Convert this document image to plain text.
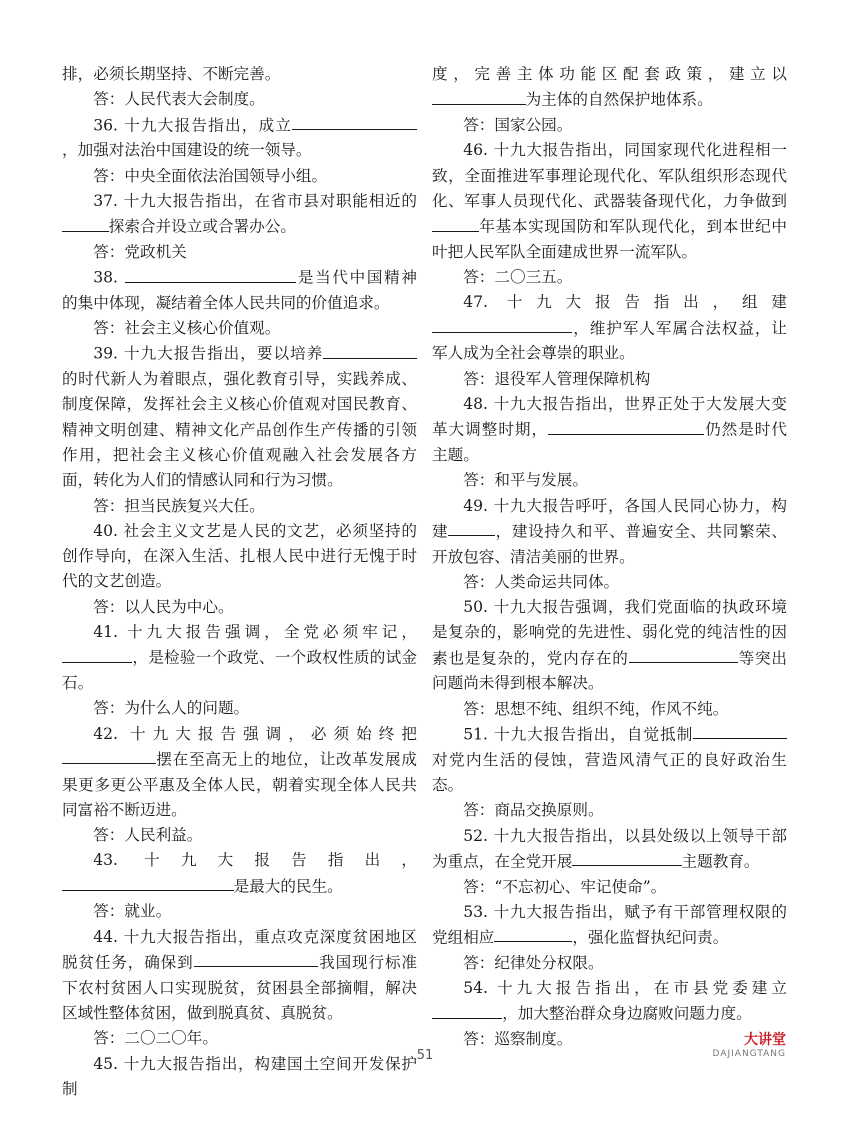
排，必须长期坚持、不断完善。

答：人民代表大会制度。

36. 十九大报告指出，成立，加强对法治中国建设的统一领导。

答：中央全面依法治国领导小组。

37. 十九大报告指出，在省市县对职能相近的探索合并设立或合署办公。

答：党政机关

38.	是当代中国精神的集中体现，凝结着全体人民共同的价值追求。

答：社会主义核心价值观。

39. 十九大报告指出，要以培养的时代新人为着眼点，强化教育引导，实践养成、制度保障，发挥社会主义核心价值观对国民教育、精神文明创建、精神文化产品创作生产传播的引领作用，把社会主义核心价值观融入社会发展各方面，转化为人们的情感认同和行为习惯。

答：担当民族复兴大任。

40. 社会主义文艺是人民的文艺，必须坚持的创作导向，在深入生活、扎根人民中进行无愧于时代的文艺创造。

答：以人民为中心。

41. 十九大报告强调，全党必须牢记，，是检验一个政党、一个政权性质的试金石。

答：为什么人的问题。

42. 十九大报告强调，必须始终把摆在至高无上的地位，让改革发展成果更多更公平惠及全体人民，朝着实现全体人民共同富裕不断迈进。

答：人民利益。

43. 十九大报告指出，是最大的民生。

答：就业。

44. 十九大报告指出，重点攻克深度贫困地区脱贫任务，确保到	我国现行标准下农村贫困人口实现脱贫，贫困县全部摘帽，解决区域性整体贫困，做到脱真贫、真脱贫。

答：二〇二〇年。

45. 十九大报告指出，构建国土空间开发保护制

度，完善主体功能区配套政策，建立以为主体的自然保护地体系。

答：国家公园。

46. 十九大报告指出，同国家现代化进程相一致，全面推进军事理论现代化、军队组织形态现代化、军事人员现代化、武器装备现代化，力争做到年基本实现国防和军队现代化，到本世纪中叶把人民军队全面建成世界一流军队。

答：二〇三五。

47. 十九大报告指出，组建，维护军人军属合法权益，让军人成为全社会尊崇的职业。

答：退役军人管理保障机构

48. 十九大报告指出，世界正处于大发展大变革大调整时期，	仍然是时代主题。

答：和平与发展。

49. 十九大报告呼吁，各国人民同心协力，构建	，建设持久和平、普遍安全、共同繁荣、开放包容、清洁美丽的世界。

答：人类命运共同体。

50. 十九大报告强调，我们党面临的执政环境是复杂的，影响党的先进性、弱化党的纯洁性的因素也是复杂的，党内存在的	等突出问题尚未得到根本解决。

答：思想不纯、组织不纯，作风不纯。

51. 十九大报告指出，自觉抵制对党内生活的侵蚀，营造风清气正的良好政治生态。

答：商品交换原则。

52. 十九大报告指出，以县处级以上领导干部为重点，在全党开展	主题教育。

答：“不忘初心、牢记使命”。

53. 十九大报告指出，赋予有干部管理权限的党组相应	，强化监督执纪问责。

答：纪律处分权限。

54. 十九大报告指出，在市县党委建立，加大整治群众身边腐败问题力度。

答：巡察制度。

51
大讲堂
DAJIANGTANG
